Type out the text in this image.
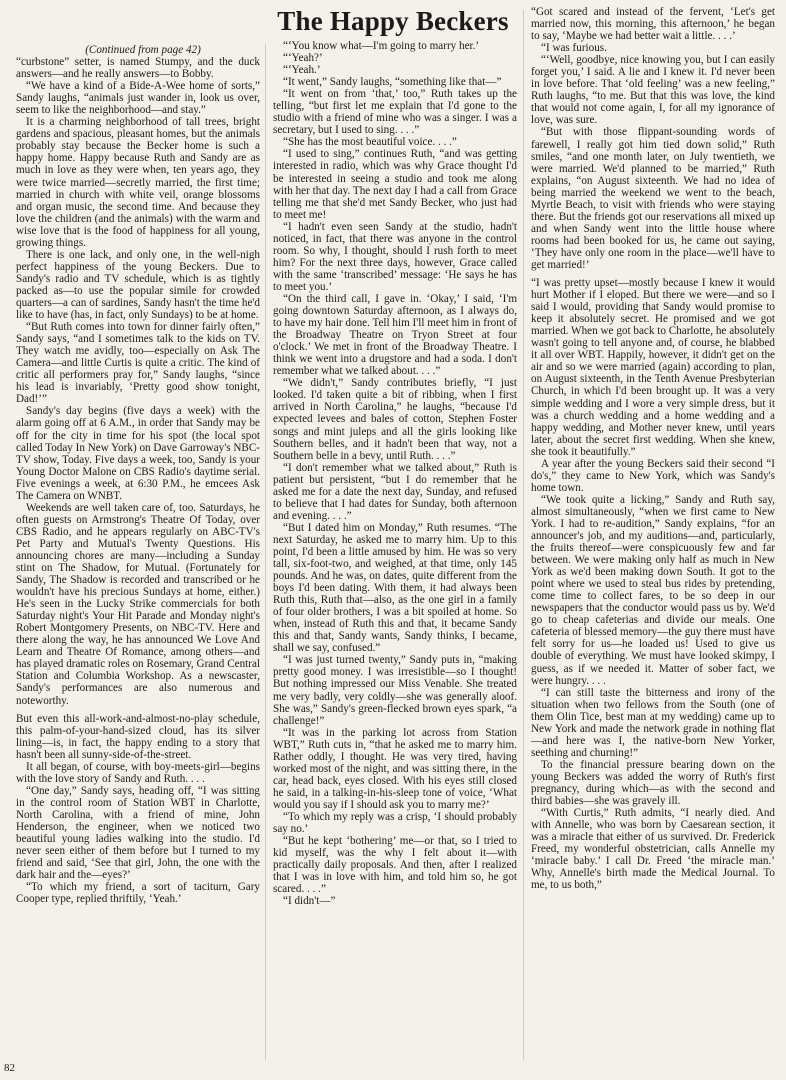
The Happy Beckers

(Continued from page 42)

“curbstone” setter, is named Stumpy, and the duck answers—and he really answers—to Bobby.

“We have a kind of a Bide-A-Wee home of sorts,” Sandy laughs, “animals just wander in, look us over, seem to like the neighborhood—and stay.”

It is a charming neighborhood of tall trees, bright gardens and spacious, pleasant homes, but the animals probably stay because the Becker home is such a happy home. Happy because Ruth and Sandy are as much in love as they were when, ten years ago, they were twice married—secretly married, the first time; married in church with white veil, orange blossoms and organ music, the second time. And because they love the children (and the animals) with the warm and wise love that is the food of happiness for all young, growing things.

There is one lack, and only one, in the well-nigh perfect happiness of the young Beckers. Due to Sandy's radio and TV schedule, which is as tightly packed as—to use the popular simile for crowded quarters—a can of sardines, Sandy hasn't the time he'd like to have (has, in fact, only Sundays) to be at home.

“But Ruth comes into town for dinner fairly often,” Sandy says, “and I sometimes talk to the kids on TV. They watch me avidly, too—especially on Ask The Camera—and little Curtis is quite a critic. The kind of critic all performers pray for,” Sandy laughs, “since his lead is invariably, ‘Pretty good show tonight, Dad!’”

Sandy's day begins (five days a week) with the alarm going off at 6 A.M., in order that Sandy may be off for the city in time for his spot (the local spot called Today In New York) on Dave Garroway's NBC-TV show, Today. Five days a week, too, Sandy is your Young Doctor Malone on CBS Radio's daytime serial. Five evenings a week, at 6:30 P.M., he emcees Ask The Camera on WNBT.

Weekends are well taken care of, too. Saturdays, he often guests on Armstrong's Theatre Of Today, over CBS Radio, and he appears regularly on ABC-TV's Pet Party and Mutual's Twenty Questions. His announcing chores are many—including a Sunday stint on The Shadow, for Mutual. (Fortunately for Sandy, The Shadow is recorded and transcribed or he wouldn't have his precious Sundays at home, either.) He's seen in the Lucky Strike commercials for both Saturday night's Your Hit Parade and Monday night's Robert Montgomery Presents, on NBC-TV. Here and there along the way, he has announced We Love And Learn and Theatre Of Romance, among others—and has played dramatic roles on Rosemary, Grand Central Station and Columbia Workshop. As a newscaster, Sandy's performances are also numerous and noteworthy.

But even this all-work-and-almost-no-play schedule, this palm-of-your-hand-sized cloud, has its silver lining—is, in fact, the happy ending to a story that hasn't been all sunny-side-of-the-street.

It all began, of course, with boy-meets-girl—begins with the love story of Sandy and Ruth. . . .

“One day,” Sandy says, heading off, “I was sitting in the control room of Station WBT in Charlotte, North Carolina, with a friend of mine, John Henderson, the engineer, when we noticed two beautiful young ladies walking into the studio. I'd never seen either of them before but I turned to my friend and said, ‘See that girl, John, the one with the dark hair and the—eyes?’

“To which my friend, a sort of taciturn, Gary Cooper type, replied thriftily, ‘Yeah.’

“‘You know what—I'm going to marry her.’

“‘Yeah?’

“‘Yeah.’

“It went,” Sandy laughs, “something like that—”

“It went on from ‘that,’ too,” Ruth takes up the telling, “but first let me explain that I'd gone to the studio with a friend of mine who was a singer. I was a secretary, but I used to sing. . . .”

“She has the most beautiful voice. . . .”

“I used to sing,” continues Ruth, “and was getting interested in radio, which was why Grace thought I'd be interested in seeing a studio and took me along with her that day. The next day I had a call from Grace telling me that she'd met Sandy Becker, who just had to meet me!

“I hadn't even seen Sandy at the studio, hadn't noticed, in fact, that there was anyone in the control room. So why, I thought, should I rush forth to meet him? For the next three days, however, Grace called with the same ‘transcribed’ message: ‘He says he has to meet you.’

“On the third call, I gave in. ‘Okay,’ I said, ‘I'm going downtown Saturday afternoon, as I always do, to have my hair done. Tell him I'll meet him in front of the Broadway Theatre on Tryon Street at four o'clock.’ We met in front of the Broadway Theatre. I think we went into a drugstore and had a soda. I don't remember what we talked about. . . .”

“We didn't,” Sandy contributes briefly, “I just looked. I'd taken quite a bit of ribbing, when I first arrived in North Carolina,” he laughs, “because I'd expected levees and bales of cotton, Stephen Foster songs and mint juleps and all the girls looking like Southern belles, and it hadn't been that way, not a Southern belle in a bevy, until Ruth. . . .”

“I don't remember what we talked about,” Ruth is patient but persistent, “but I do remember that he asked me for a date the next day, Sunday, and refused to believe that I had dates for Sunday, both afternoon and evening. . . .”

“But I dated him on Monday,” Ruth resumes. “The next Saturday, he asked me to marry him. Up to this point, I'd been a little amused by him. He was so very tall, six-foot-two, and weighed, at that time, only 145 pounds. And he was, on dates, quite different from the boys I'd been dating. With them, it had always been Ruth this, Ruth that—also, as the one girl in a family of four older brothers, I was a bit spoiled at home. So when, instead of Ruth this and that, it became Sandy this and that, Sandy wants, Sandy thinks, I became, shall we say, confused.”

“I was just turned twenty,” Sandy puts in, “making pretty good money. I was irresistible—so I thought! But nothing impressed our Miss Venable. She treated me very badly, very coldly—she was generally aloof. She was,” Sandy's green-flecked brown eyes spark, “a challenge!”

“It was in the parking lot across from Station WBT,” Ruth cuts in, “that he asked me to marry him. Rather oddly, I thought. He was very tired, having worked most of the night, and was sitting there, in the car, head back, eyes closed. With his eyes still closed he said, in a talking-in-his-sleep tone of voice, ‘What would you say if I should ask you to marry me?’

“To which my reply was a crisp, ‘I should probably say no.’

“But he kept ‘bothering’ me—or that, so I tried to kid myself, was the why I felt about it—with practically daily proposals. And then, after I realized that I was in love with him, and told him so, he got scared. . . .”

“I didn't—”

“Got scared and instead of the fervent, ‘Let's get married now, this morning, this afternoon,’ he began to say, ‘Maybe we had better wait a little. . . .’

“I was furious.

“‘Well, goodbye, nice knowing you, but I can easily forget you,’ I said. A lie and I knew it. I'd never been in love before. That ‘old feeling’ was a new feeling,” Ruth laughs, “to me. But that this was love, the kind that would not come again, I, for all my ignorance of love, was sure.

“But with those flippant-sounding words of farewell, I really got him tied down solid,” Ruth smiles, “and one month later, on July twentieth, we were married. We'd planned to be married,” Ruth explains, “on August sixteenth. We had no idea of being married the weekend we went to the beach, Myrtle Beach, to visit with friends who were staying there. But the friends got our reservations all mixed up and when Sandy went into the little house where rooms had been booked for us, he came out saying, ‘They have only one room in the place—we'll have to get married!’

“I was pretty upset—mostly because I knew it would hurt Mother if I eloped. But there we were—and so I said I would, providing that Sandy would promise to keep it absolutely secret. He promised and we got married. When we got back to Charlotte, he absolutely wasn't going to tell anyone and, of course, he blabbed it all over WBT. Happily, however, it didn't get on the air and so we were married (again) according to plan, on August sixteenth, in the Tenth Avenue Presbyterian Church, in which I'd been brought up. It was a very simple wedding and I wore a very simple dress, but it was a church wedding and a home wedding and a happy wedding, and Mother never knew, until years later, about the secret first wedding. When she knew, she took it beautifully.”

A year after the young Beckers said their second “I do's,” they came to New York, which was Sandy's home town.

“We took quite a licking,” Sandy and Ruth say, almost simultaneously, “when we first came to New York. I had to re-audition,” Sandy explains, “for an announcer's job, and my auditions—and, particularly, the fruits thereof—were conspicuously few and far between. We were making only half as much in New York as we'd been making down South. It got to the point where we used to steal bus rides by pretending, come time to collect fares, to be so deep in our newspapers that the conductor would pass us by. We'd go to cheap cafeterias and divide our meals. One cafeteria of blessed memory—the guy there must have felt sorry for us—he loaded us! Used to give us double of everything. We must have looked skimpy, I guess, as if we needed it. Matter of sober fact, we were hungry. . . .

“I can still taste the bitterness and irony of the situation when two fellows from the South (one of them Olin Tice, best man at my wedding) came up to New York and made the network grade in nothing flat—and here was I, the native-born New Yorker, seething and churning!”

To the financial pressure bearing down on the young Beckers was added the worry of Ruth's first pregnancy, during which—as with the second and third babies—she was gravely ill.

“With Curtis,” Ruth admits, “I nearly died. And with Annelle, who was born by Caesarean section, it was a miracle that either of us survived. Dr. Frederick Freed, my wonderful obstetrician, calls Annelle my ‘miracle baby.’ I call Dr. Freed ‘the miracle man.’ Why, Annelle's birth made the Medical Journal. To me, to us both,”

82
